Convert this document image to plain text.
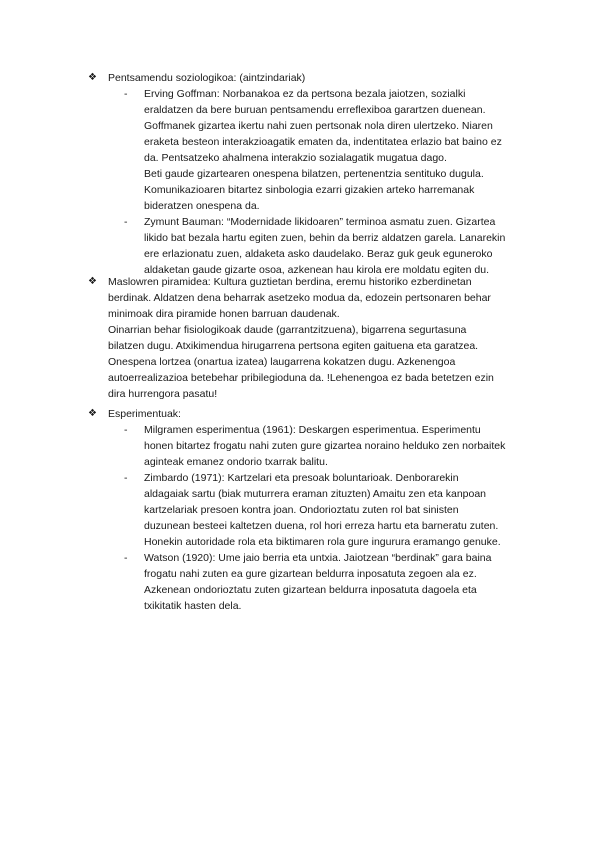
❖	Pentsamendu soziologikoa: (aintzindariak)
-	Erving Goffman: Norbanakoa ez da pertsona bezala jaiotzen, sozialki
eraldatzen da bere buruan pentsamendu erreflexiboa garartzen duenean.
Goffmanek gizartea ikertu nahi zuen pertsonak nola diren ulertzeko. Niaren
eraketa besteon interakzioagatik ematen da, indentitatea erlazio bat baino ez
da. Pentsatzeko ahalmena interakzio sozialagatik mugatua dago.
Beti gaude gizartearen onespena bilatzen, pertenentzia sentituko dugula.
Komunikazioaren bitartez sinbologia ezarri gizakien arteko harremanak
bideratzen onespena da.
-	Zymunt Bauman: “Modernidade likidoaren” terminoa asmatu zuen. Gizartea
likido bat bezala hartu egiten zuen, behin da berriz aldatzen garela. Lanarekin
ere erlazionatu zuen, aldaketa asko daudelako. Beraz guk geuk eguneroko
aldaketan gaude gizarte osoa, azkenean hau kirola ere moldatu egiten du.
❖	Maslowren piramidea: Kultura guztietan berdina, eremu historiko ezberdinetan
berdinak. Aldatzen dena beharrak asetzeko modua da, edozein pertsonaren behar
minimoak dira piramide honen barruan daudenak.
Oinarrian behar fisiologikoak daude (garrantzitzuena), bigarrena segurtasuna
bilatzen dugu. Atxikimendua hirugarrena pertsona egiten gaituena eta garatzea.
Onespena lortzea (onartua izatea) laugarrena kokatzen dugu. Azkenengoa
autoerrealizazioa betebehar pribilegioduna da. !Lehenengoa ez bada betetzen ezin
dira hurrengora pasatu!
❖	Esperimentuak:
-	Milgramen esperimentua (1961): Deskargen esperimentua. Esperimentu
honen bitartez frogatu nahi zuten gure gizartea noraino helduko zen norbaitek
aginteak emanez ondorio txarrak balitu.
-	Zimbardo (1971): Kartzelari eta presoak boluntarioak. Denborarekin
aldagaiak sartu (biak muturrera eraman zituzten) Amaitu zen eta kanpoan
kartzelariak presoen kontra joan. Ondorioztatu zuten rol bat sinisten
duzunean besteei kaltetzen duena, rol hori erreza hartu eta barneratu zuten.
Honekin autoridade rola eta biktimaren rola gure ingurura eramango genuke.
-	Watson (1920): Ume jaio berria eta untxia. Jaiotzean “berdinak” gara baina
frogatu nahi zuten ea gure gizartean beldurra inposatuta zegoen ala ez.
Azkenean ondorioztatu zuten gizartean beldurra inposatuta dagoela eta
txikitatik hasten dela.
